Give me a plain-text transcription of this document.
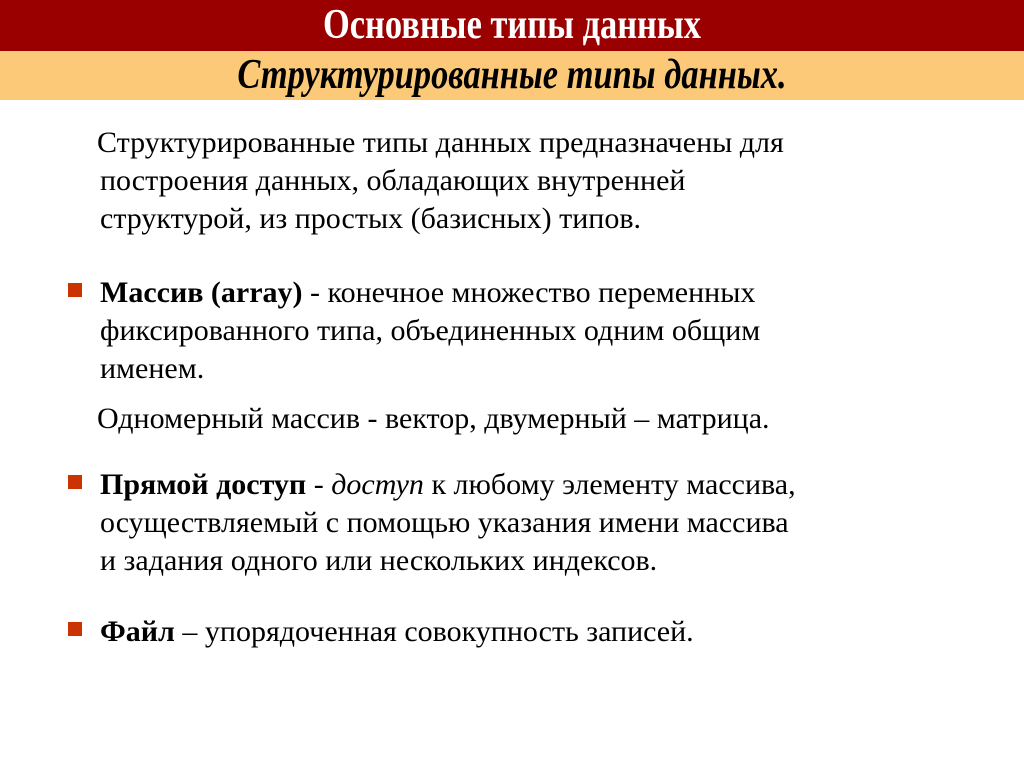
Основные типы данных
Структурированные типы данных.
Структурированные типы данных предназначены для
построения данных, обладающих внутренней
структурой, из простых (базисных) типов.
Массив (array) - конечное множество переменных
фиксированного типа, объединенных одним общим
именем.
Одномерный массив - вектор, двумерный – матрица.
Прямой доступ - доступ к любому элементу массива,
осуществляемый с помощью указания имени массива
и задания одного или нескольких индексов.
Файл – упорядоченная совокупность записей.
